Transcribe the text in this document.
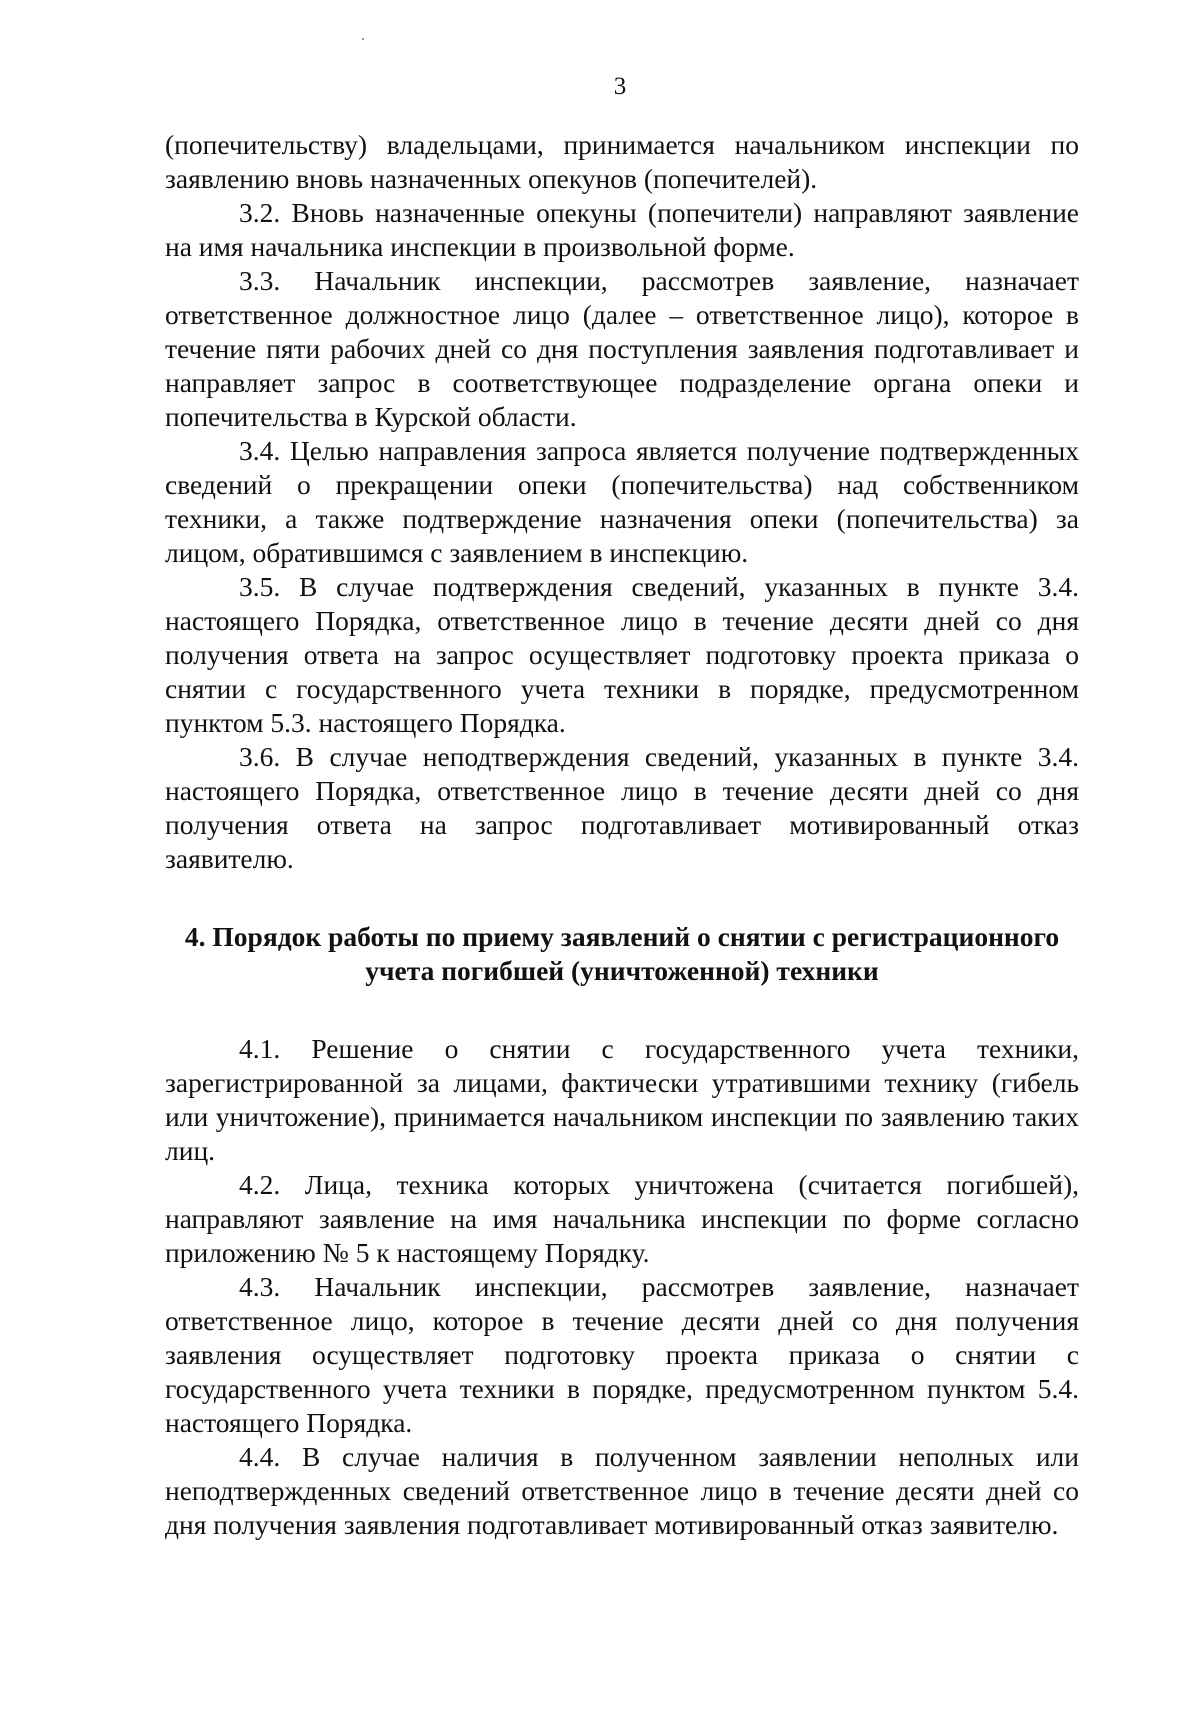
3

(попечительству) владельцами, принимается начальником инспекции по заявлению вновь назначенных опекунов (попечителей).

3.2. Вновь назначенные опекуны (попечители) направляют заявление на имя начальника инспекции в произвольной форме.

3.3. Начальник инспекции, рассмотрев заявление, назначает ответственное должностное лицо (далее – ответственное лицо), которое в течение пяти рабочих дней со дня поступления заявления подготавливает и направляет запрос в соответствующее подразделение органа опеки и попечительства в Курской области.

3.4. Целью направления запроса является получение подтвержденных сведений о прекращении опеки (попечительства) над собственником техники, а также подтверждение назначения опеки (попечительства) за лицом, обратившимся с заявлением в инспекцию.

3.5. В случае подтверждения сведений, указанных в пункте 3.4. настоящего Порядка, ответственное лицо в течение десяти дней со дня получения ответа на запрос осуществляет подготовку проекта приказа о снятии с государственного учета техники в порядке, предусмотренном пунктом 5.3. настоящего Порядка.

3.6. В случае неподтверждения сведений, указанных в пункте 3.4. настоящего Порядка, ответственное лицо в течение десяти дней со дня получения ответа на запрос подготавливает мотивированный отказ заявителю.

4. Порядок работы по приему заявлений о снятии с регистрационного
учета погибшей (уничтоженной) техники

4.1. Решение о снятии с государственного учета техники, зарегистрированной за лицами, фактически утратившими технику (гибель или уничтожение), принимается начальником инспекции по заявлению таких лиц.

4.2. Лица, техника которых уничтожена (считается погибшей), направляют заявление на имя начальника инспекции по форме согласно приложению № 5 к настоящему Порядку.

4.3. Начальник инспекции, рассмотрев заявление, назначает ответственное лицо, которое в течение десяти дней со дня получения заявления осуществляет подготовку проекта приказа о снятии с государственного учета техники в порядке, предусмотренном пунктом 5.4. настоящего Порядка.

4.4. В случае наличия в полученном заявлении неполных или неподтвержденных сведений ответственное лицо в течение десяти дней со дня получения заявления подготавливает мотивированный отказ заявителю.
